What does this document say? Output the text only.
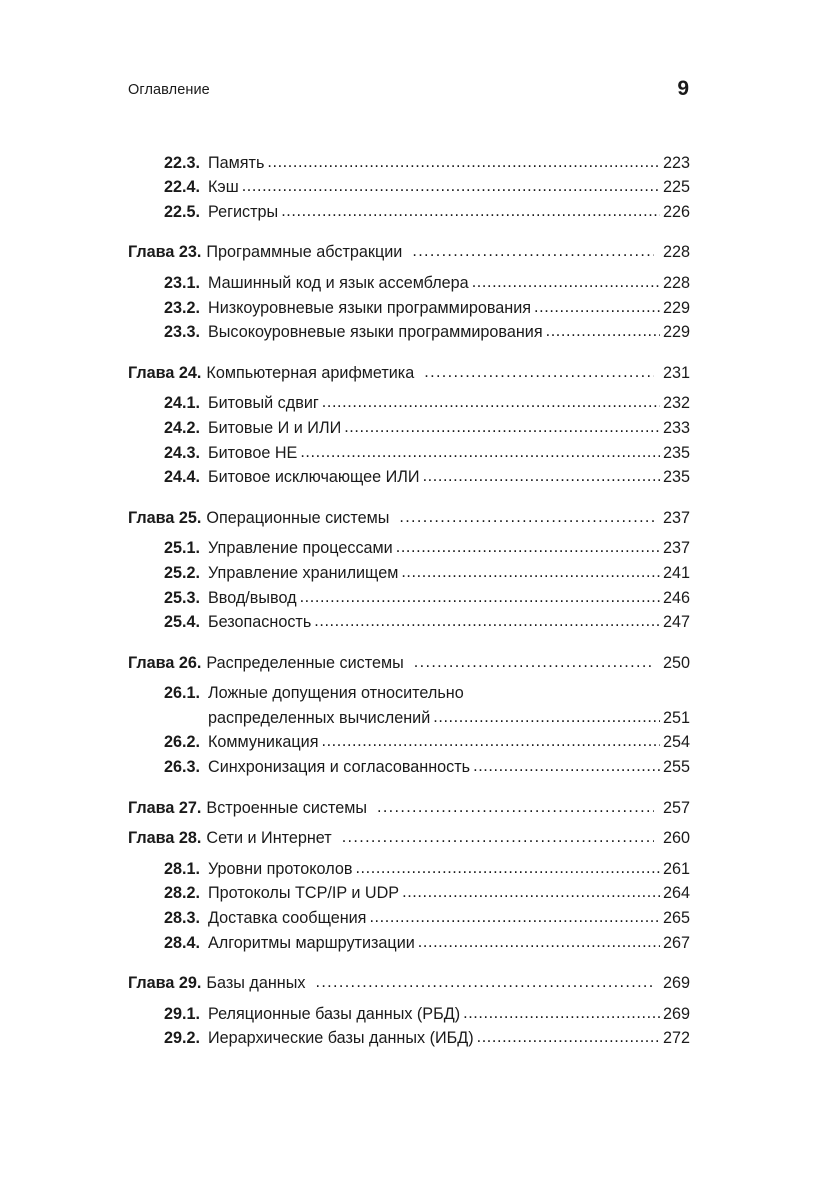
Оглавление	9
22.3. Память .....	223
22.4. Кэш .....	225
22.5. Регистры .....	226
Глава 23. Программные абстракции .....	228
23.1. Машинный код и язык ассемблера .....	228
23.2. Низкоуровневые языки программирования .....	229
23.3. Высокоуровневые языки программирования .....	229
Глава 24. Компьютерная арифметика .....	231
24.1. Битовый сдвиг .....	232
24.2. Битовые И и ИЛИ .....	233
24.3. Битовое НЕ .....	235
24.4. Битовое исключающее ИЛИ .....	235
Глава 25. Операционные системы .....	237
25.1. Управление процессами .....	237
25.2. Управление хранилищем .....	241
25.3. Ввод/вывод .....	246
25.4. Безопасность .....	247
Глава 26. Распределенные системы .....	250
26.1. Ложные допущения относительно
распределенных вычислений .....	251
26.2. Коммуникация .....	254
26.3. Синхронизация и согласованность .....	255
Глава 27. Встроенные системы .....	257
Глава 28. Сети и Интернет .....	260
28.1. Уровни протоколов .....	261
28.2. Протоколы TCP/IP и UDP .....	264
28.3. Доставка сообщения .....	265
28.4. Алгоритмы маршрутизации .....	267
Глава 29. Базы данных .....	269
29.1. Реляционные базы данных (РБД) .....	269
29.2. Иерархические базы данных (ИБД) .....	272
